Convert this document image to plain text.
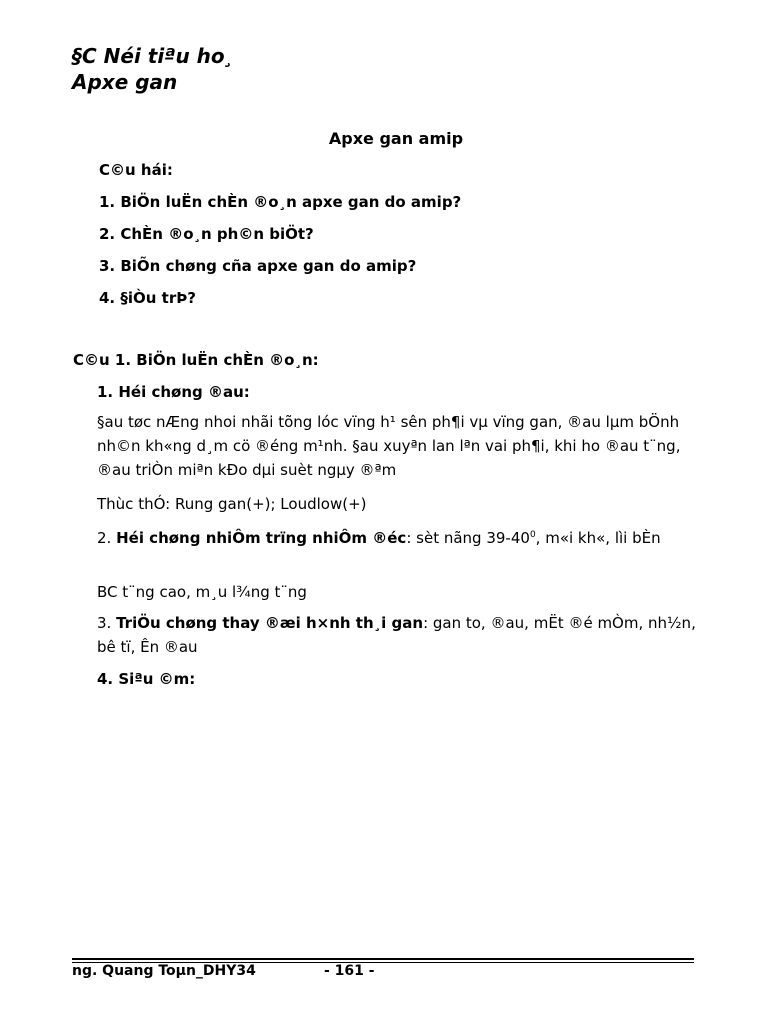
§C Néi tiªu ho¸
Apxe gan
Apxe gan amip
C©u hái:
1. BiÖn luËn chÈn ®o¸n apxe gan do amip?
2. ChÈn ®o¸n ph©n biÖt?
3. BiÕn chøng cña apxe gan do amip?
4. §iÒu trÞ?
C©u 1. BiÖn luËn chÈn ®o¸n:
1. Héi chøng ®au:
§au tøc nÆng nhoi nhãi tõng lóc vïng h¹ sên ph¶i vµ vïng gan, ®au lµm bÖnh nh©n kh«ng d¸m cö ®éng m¹nh. §au xuyªn lan lªn vai ph¶i, khi ho ®au t¨ng, ®au triÒn miªn kÐo dµi suèt ngµy ®ªm
Thùc thÓ: Rung gan(+); Loudlow(+)
2. Héi chøng nhiÔm trïng nhiÔm ®éc: sèt nãng $39-40^0$, m«i kh«, lìi bÈn
BC t¨ng cao, m¸u l¾ng t¨ng
3. TriÖu chøng thay ®æi h×nh th¸i gan: gan to, ®au, mËt ®é mÒm, nh½n, bê tï, Ên ®au
4. Siªu ©m:
ng. Quang Toµn_DHY34	- 161 -
